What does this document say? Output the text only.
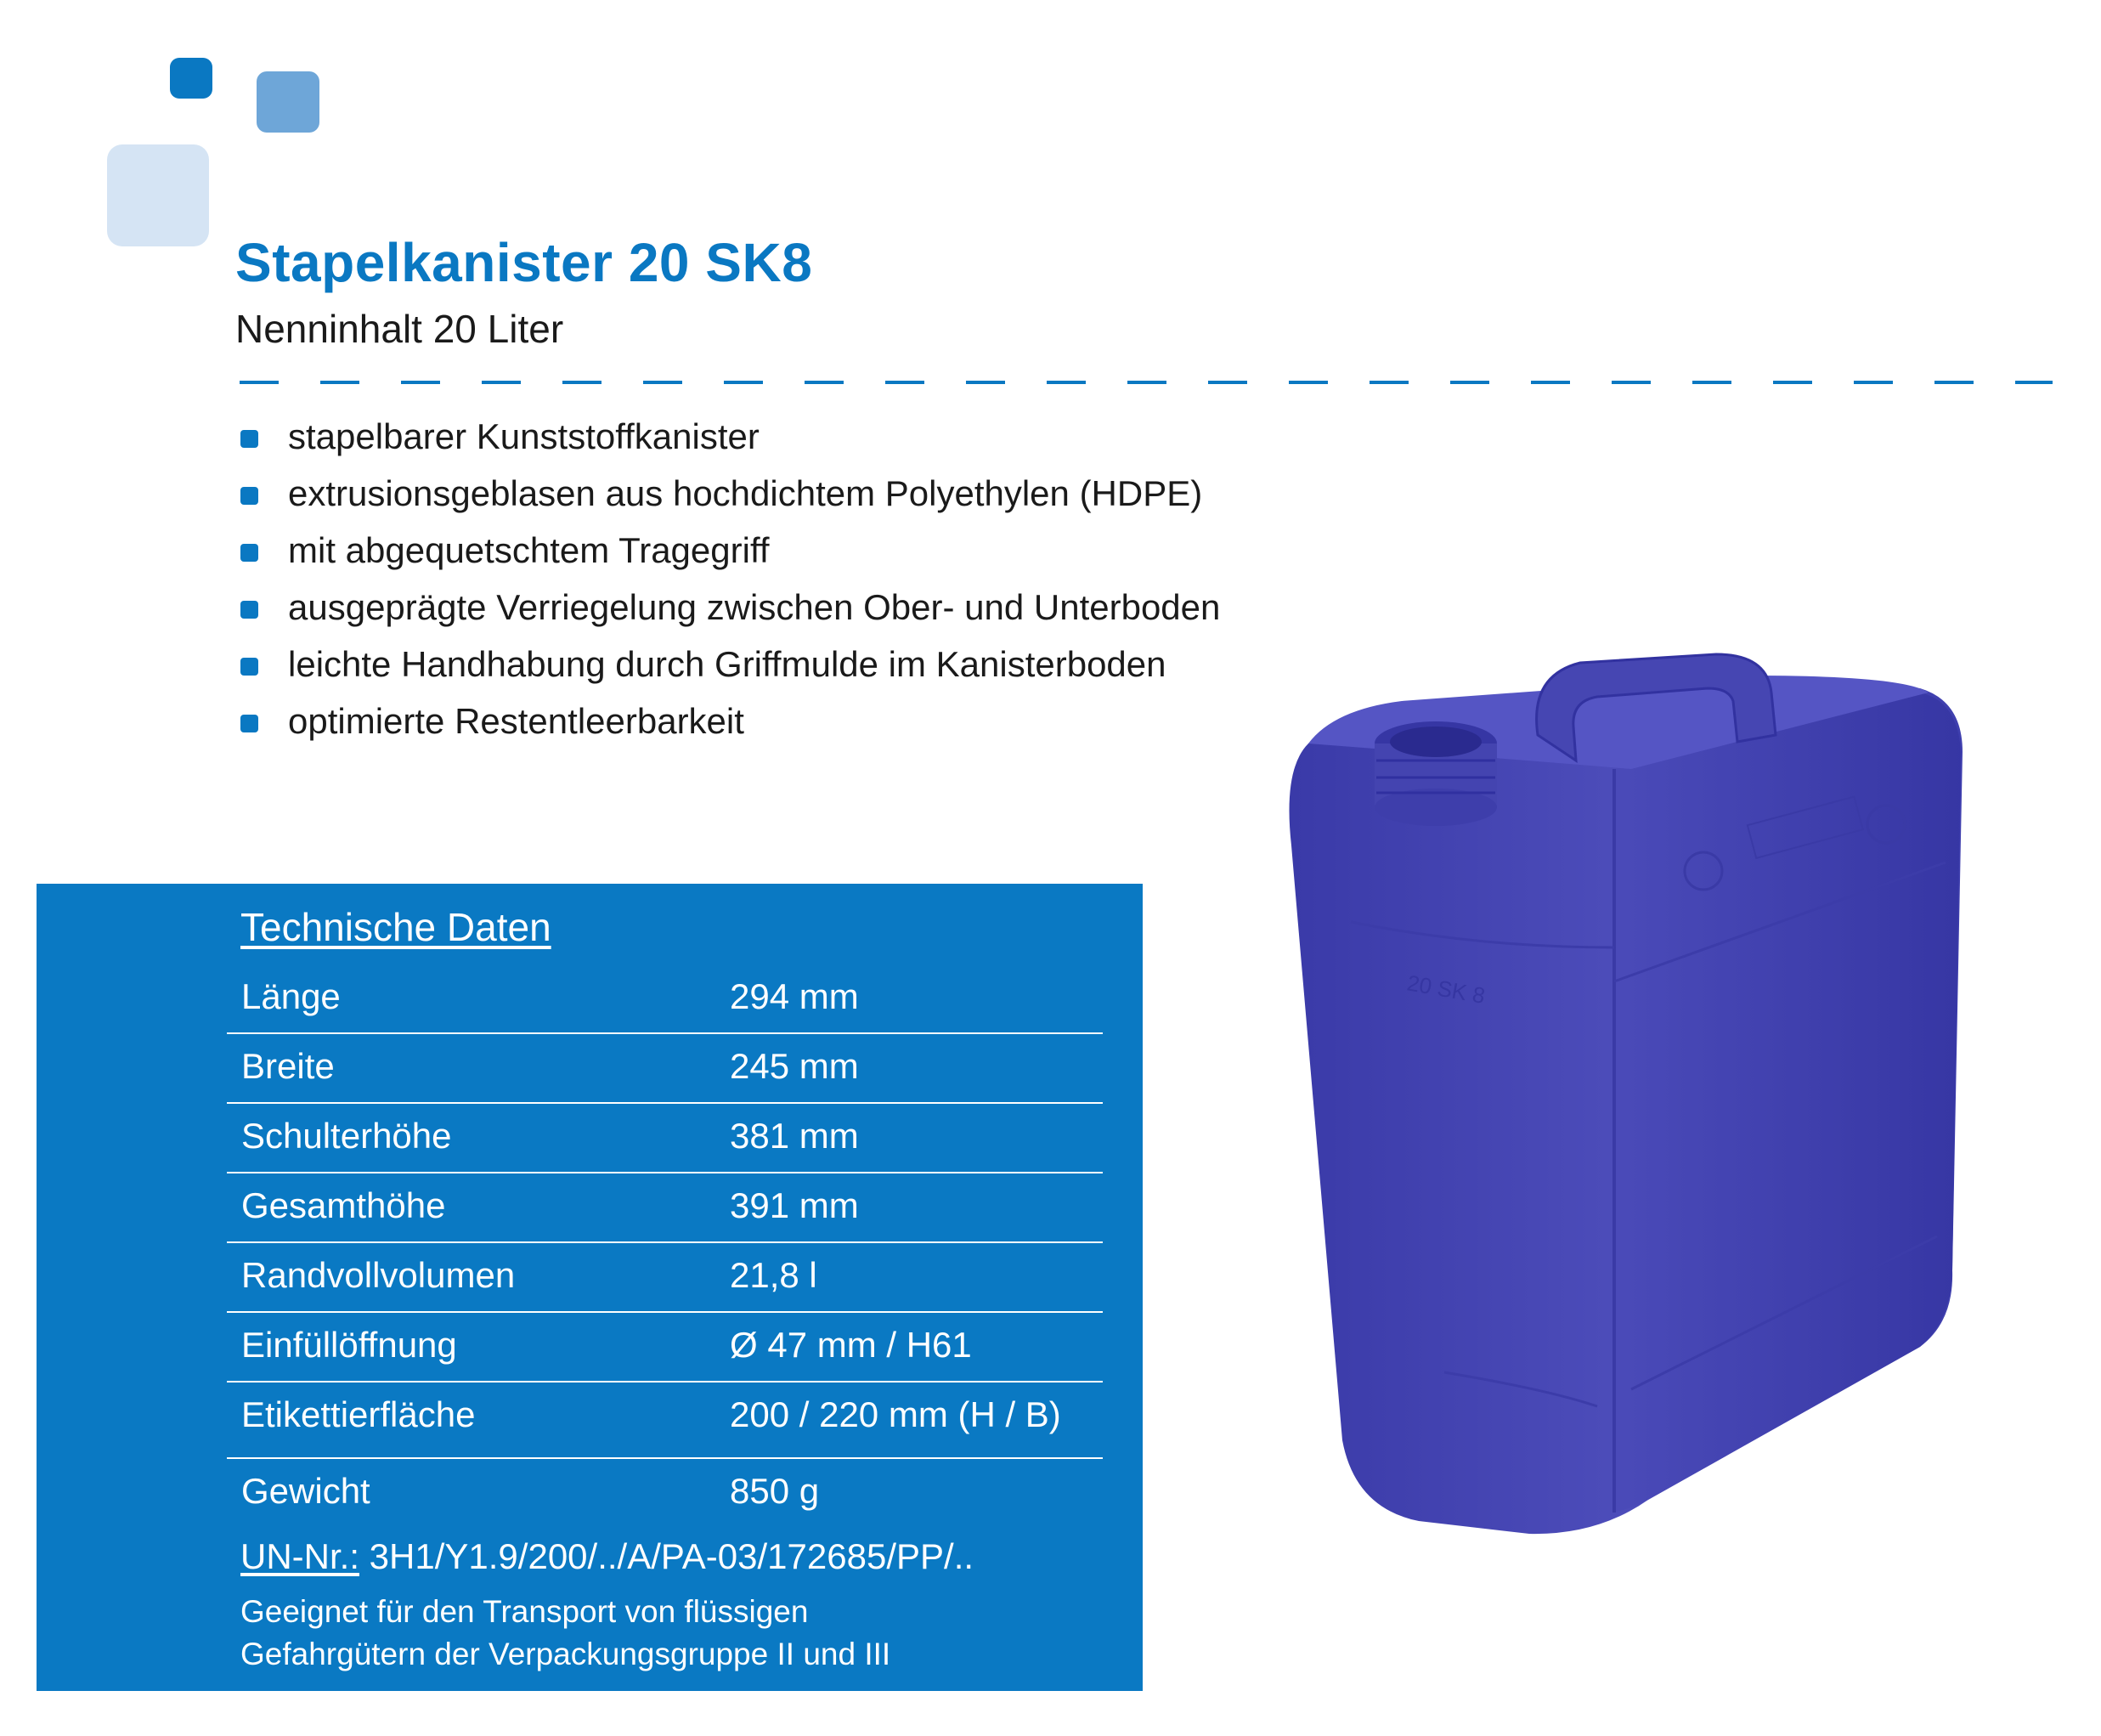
Stapelkanister 20 SK8
Nenninhalt 20 Liter
stapelbarer Kunststoffkanister
extrusionsgeblasen aus hochdichtem Polyethylen (HDPE)
mit abgequetschtem Tragegriff
ausgeprägte Verriegelung zwischen Ober- und Unterboden
leichte Handhabung durch Griffmulde im Kanisterboden
optimierte Restentleerbarkeit
Technische Daten
Länge	294 mm
Breite	245 mm
Schulterhöhe	381 mm
Gesamthöhe	391 mm
Randvollvolumen	21,8 l
Einfüllöffnung	Ø 47 mm / H61
Etikettierfläche	200 / 220 mm (H / B)
Gewicht	850 g
UN-Nr.: 3H1/Y1.9/200/../A/PA-03/172685/PP/..
Geeignet für den Transport von flüssigen
Gefahrgütern der Verpackungsgruppe II und III
20 SK 8
